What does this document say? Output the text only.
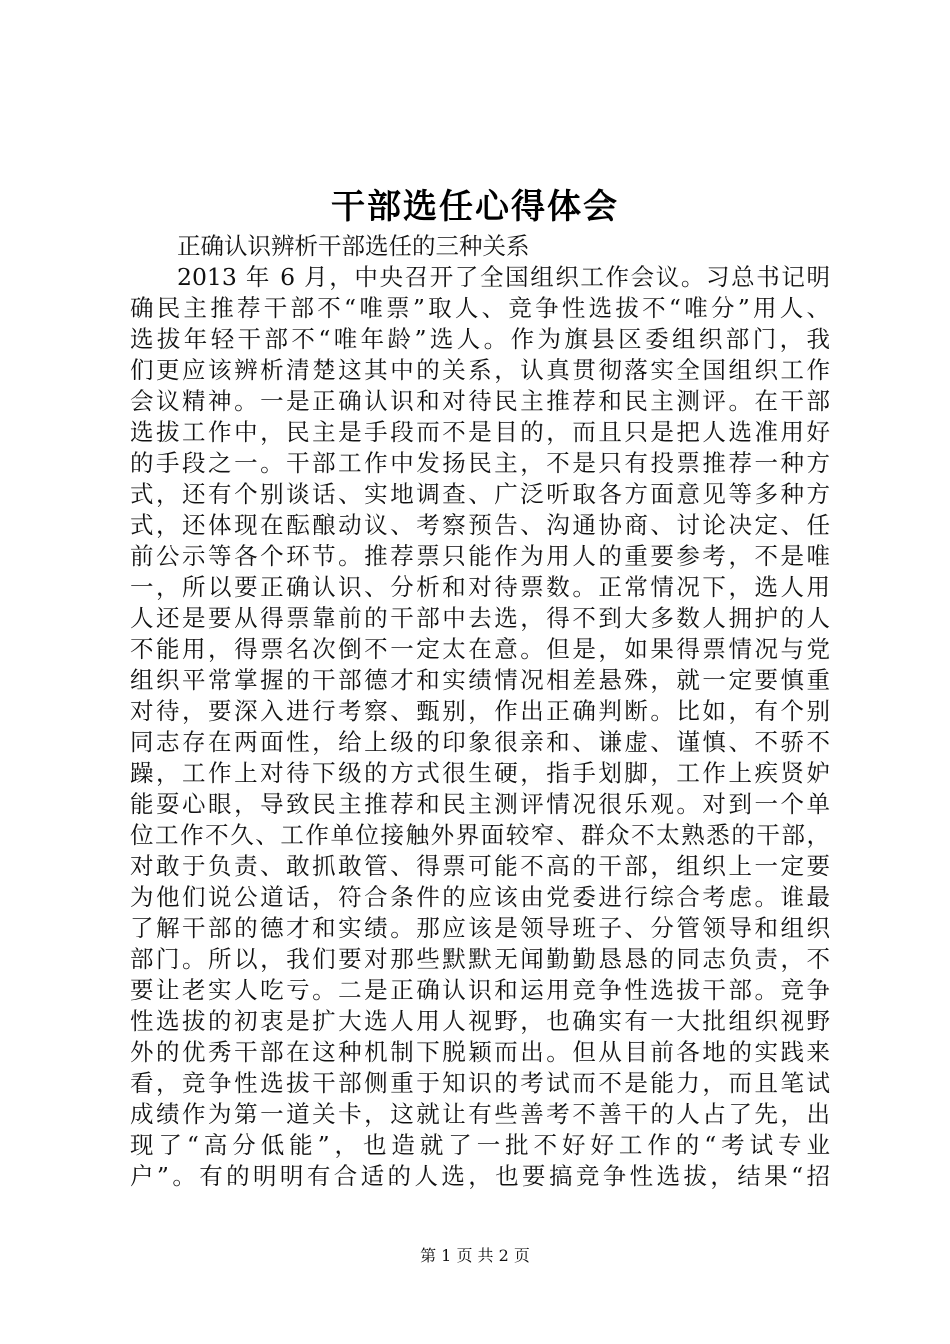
干部选任心得体会
正确认识辨析干部选任的三种关系
2013 年 6 月，中央召开了全国组织工作会议。习总书记明
确民主推荐干部不“唯票”取人、竞争性选拔不“唯分”用人、
选拔年轻干部不“唯年龄”选人。作为旗县区委组织部门，我
们更应该辨析清楚这其中的关系，认真贯彻落实全国组织工作
会议精神。一是正确认识和对待民主推荐和民主测评。在干部
选拔工作中，民主是手段而不是目的，而且只是把人选准用好
的手段之一。干部工作中发扬民主，不是只有投票推荐一种方
式，还有个别谈话、实地调查、广泛听取各方面意见等多种方
式，还体现在酝酿动议、考察预告、沟通协商、讨论决定、任
前公示等各个环节。推荐票只能作为用人的重要参考，不是唯
一，所以要正确认识、分析和对待票数。正常情况下，选人用
人还是要从得票靠前的干部中去选，得不到大多数人拥护的人
不能用，得票名次倒不一定太在意。但是，如果得票情况与党
组织平常掌握的干部德才和实绩情况相差悬殊，就一定要慎重
对待，要深入进行考察、甄别，作出正确判断。比如，有个别
同志存在两面性，给上级的印象很亲和、谦虚、谨慎、不骄不
躁，工作上对待下级的方式很生硬，指手划脚，工作上疾贤妒
能耍心眼，导致民主推荐和民主测评情况很乐观。对到一个单
位工作不久、工作单位接触外界面较窄、群众不太熟悉的干部，
对敢于负责、敢抓敢管、得票可能不高的干部，组织上一定要
为他们说公道话，符合条件的应该由党委进行综合考虑。谁最
了解干部的德才和实绩。那应该是领导班子、分管领导和组织
部门。所以，我们要对那些默默无闻勤勤恳恳的同志负责，不
要让老实人吃亏。二是正确认识和运用竞争性选拔干部。竞争
性选拔的初衷是扩大选人用人视野，也确实有一大批组织视野
外的优秀干部在这种机制下脱颖而出。但从目前各地的实践来
看，竞争性选拔干部侧重于知识的考试而不是能力，而且笔试
成绩作为第一道关卡，这就让有些善考不善干的人占了先，出
现了“高分低能”，也造就了一批不好好工作的“考试专业
户”。有的明明有合适的人选，也要搞竞争性选拔，结果“招
第 1 页 共 2 页
